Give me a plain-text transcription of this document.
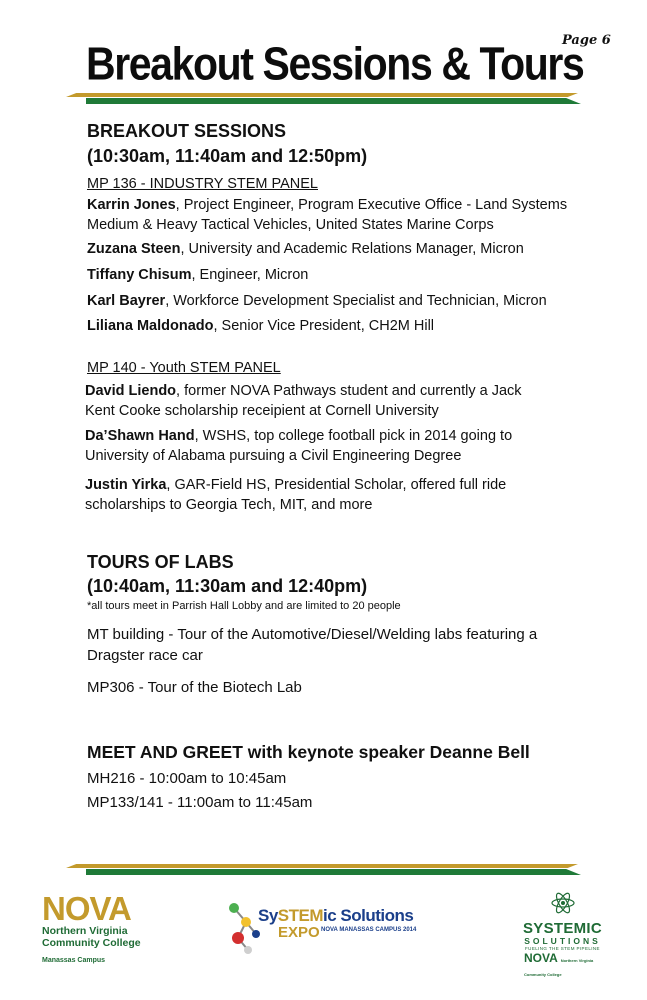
Page 6
Breakout Sessions & Tours
BREAKOUT SESSIONS
(10:30am, 11:40am and 12:50pm)
MP 136 - INDUSTRY STEM PANEL
Karrin Jones, Project Engineer, Program Executive Office - Land Systems Medium & Heavy Tactical Vehicles, United States Marine Corps
Zuzana Steen, University and Academic Relations Manager, Micron
Tiffany Chisum, Engineer, Micron
Karl Bayrer, Workforce Development Specialist and Technician, Micron
Liliana Maldonado, Senior Vice President, CH2M Hill
MP 140 - Youth STEM PANEL
David Liendo, former NOVA Pathways student and currently a Jack Kent Cooke scholarship receipient at Cornell University
Da’Shawn Hand, WSHS, top college football pick in 2014 going to University of Alabama pursuing a Civil Engineering Degree
Justin Yirka, GAR-Field HS, Presidential Scholar, offered full ride scholarships to Georgia Tech, MIT, and more
TOURS OF LABS
(10:40am, 11:30am and 12:40pm)
*all tours meet in Parrish Hall Lobby and are limited to 20 people
MT building - Tour of the Automotive/Diesel/Welding labs featuring a Dragster race car
MP306 - Tour of the Biotech Lab
MEET AND GREET with keynote speaker Deanne Bell
MH216 - 10:00am to 10:45am
MP133/141 - 11:00am to 11:45am
NOVA
Northern Virginia
Community College
Manassas Campus
SySTEMic Solutions
EXPO NOVA MANASSAS CAMPUS 2014	SYSTEMIC
SOLUTIONS
FUELING THE STEM PIPELINE
NOVA Northern Virginia Community College
